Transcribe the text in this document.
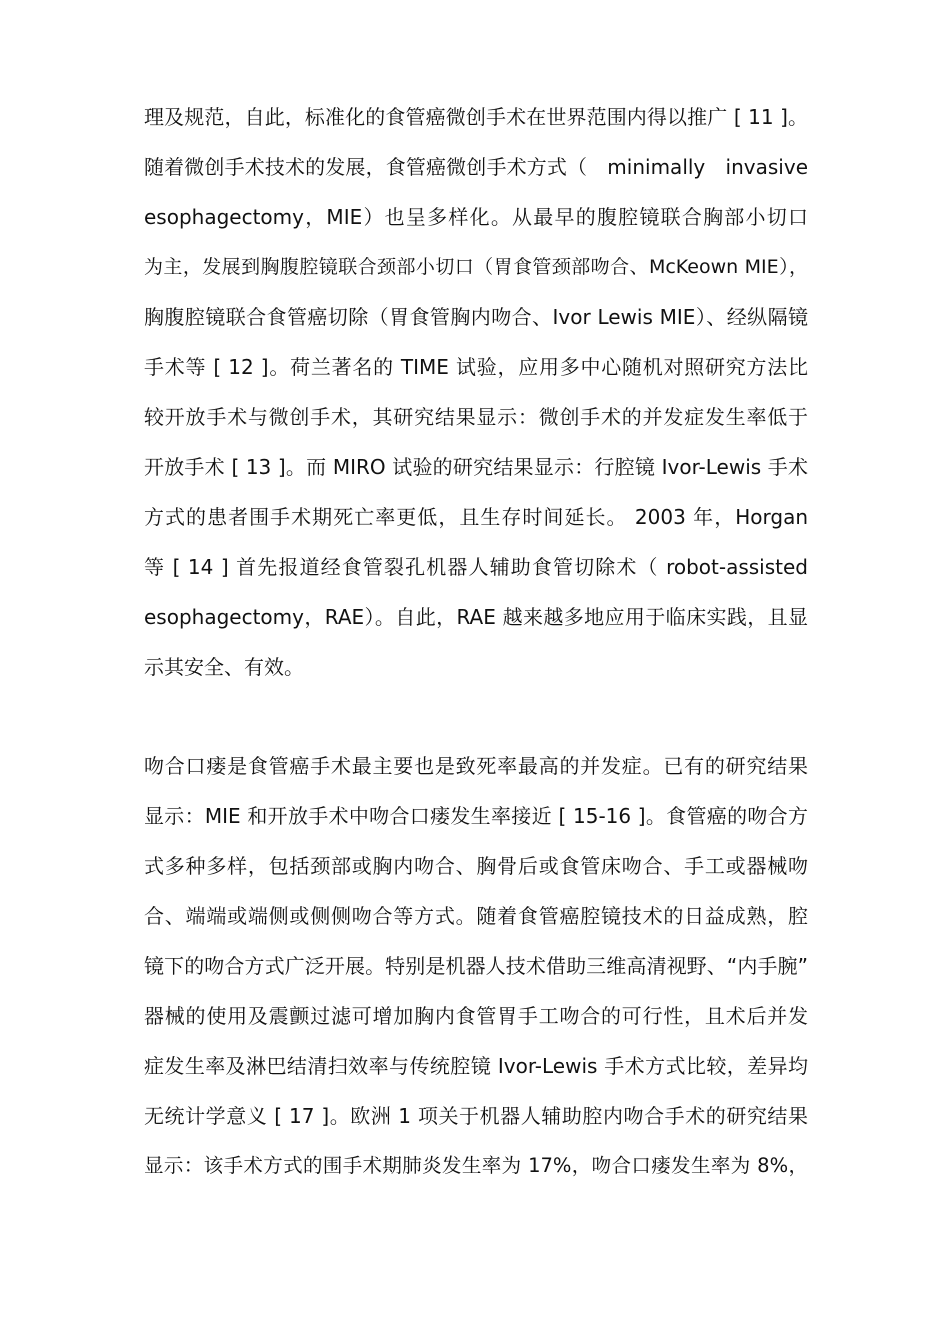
理及规范，自此，标准化的食管癌微创手术在世界范围内得以推广 [ 11 ]。
随着微创手术技术的发展，食管癌微创手术方式（　minimally　invasive
esophagectomy，MIE）也呈多样化。从最早的腹腔镜联合胸部小切口
为主，发展到胸腹腔镜联合颈部小切口（胃食管颈部吻合、McKeown MIE），
胸腹腔镜联合食管癌切除（胃食管胸内吻合、Ivor Lewis MIE）、经纵隔镜
手术等 [ 12 ]。荷兰著名的 TIME 试验，应用多中心随机对照研究方法比
较开放手术与微创手术，其研究结果显示：微创手术的并发症发生率低于
开放手术 [ 13 ]。而 MIRO 试验的研究结果显示：行腔镜 Ivor-Lewis 手术
方式的患者围手术期死亡率更低，且生存时间延长。 2003 年，Horgan
等 [ 14 ] 首先报道经食管裂孔机器人辅助食管切除术（ robot-assisted
esophagectomy，RAE）。自此，RAE 越来越多地应用于临床实践，且显
示其安全、有效。
吻合口瘘是食管癌手术最主要也是致死率最高的并发症。已有的研究结果
显示：MIE 和开放手术中吻合口瘘发生率接近 [ 15-16 ]。食管癌的吻合方
式多种多样，包括颈部或胸内吻合、胸骨后或食管床吻合、手工或器械吻
合、端端或端侧或侧侧吻合等方式。随着食管癌腔镜技术的日益成熟，腔
镜下的吻合方式广泛开展。特别是机器人技术借助三维高清视野、“内手腕”
器械的使用及震颤过滤可增加胸内食管胃手工吻合的可行性，且术后并发
症发生率及淋巴结清扫效率与传统腔镜 Ivor-Lewis 手术方式比较，差异均
无统计学意义 [ 17 ]。欧洲 1 项关于机器人辅助腔内吻合手术的研究结果
显示：该手术方式的围手术期肺炎发生率为 17%，吻合口瘘发生率为 8%，
